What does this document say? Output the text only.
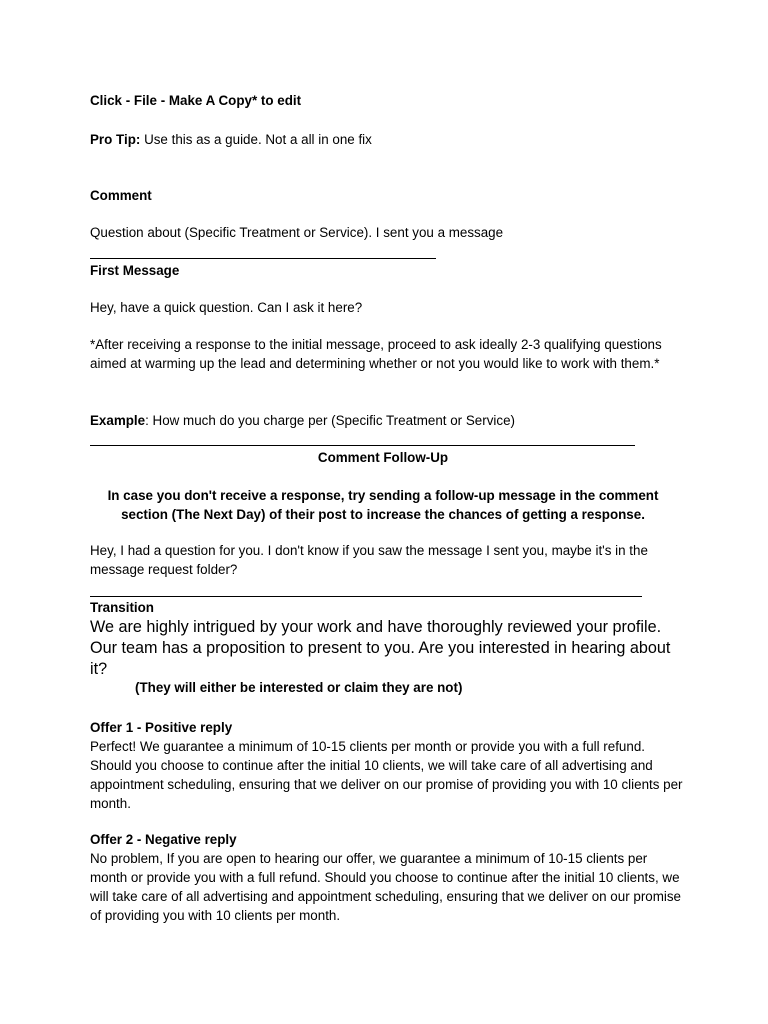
Click - File - Make A Copy* to edit

Pro Tip: Use this as a guide. Not a all in one fix

Comment

Question about (Specific Treatment or Service). I sent you a message

First Message

Hey, have a quick question. Can I ask it here?

*After receiving a response to the initial message, proceed to ask ideally 2-3 qualifying questions aimed at warming up the lead and determining whether or not you would like to work with them.*

Example: How much do you charge per (Specific Treatment or Service)

Comment Follow-Up

In case you don't receive a response, try sending a follow-up message in the comment section (The Next Day) of their post to increase the chances of getting a response.

Hey, I had a question for you. I don't know if you saw the message I sent you, maybe it's in the message request folder?

Transition

We are highly intrigued by your work and have thoroughly reviewed your profile. Our team has a proposition to present to you. Are you interested in hearing about it?

(They will either be interested or claim they are not)

Offer 1 - Positive reply

Perfect! We guarantee a minimum of 10-15 clients per month or provide you with a full refund. Should you choose to continue after the initial 10 clients, we will take care of all advertising and appointment scheduling, ensuring that we deliver on our promise of providing you with 10 clients per month.

Offer 2 - Negative reply

No problem, If you are open to hearing our offer, we guarantee a minimum of 10-15 clients per month or provide you with a full refund. Should you choose to continue after the initial 10 clients, we will take care of all advertising and appointment scheduling, ensuring that we deliver on our promise of providing you with 10 clients per month.
